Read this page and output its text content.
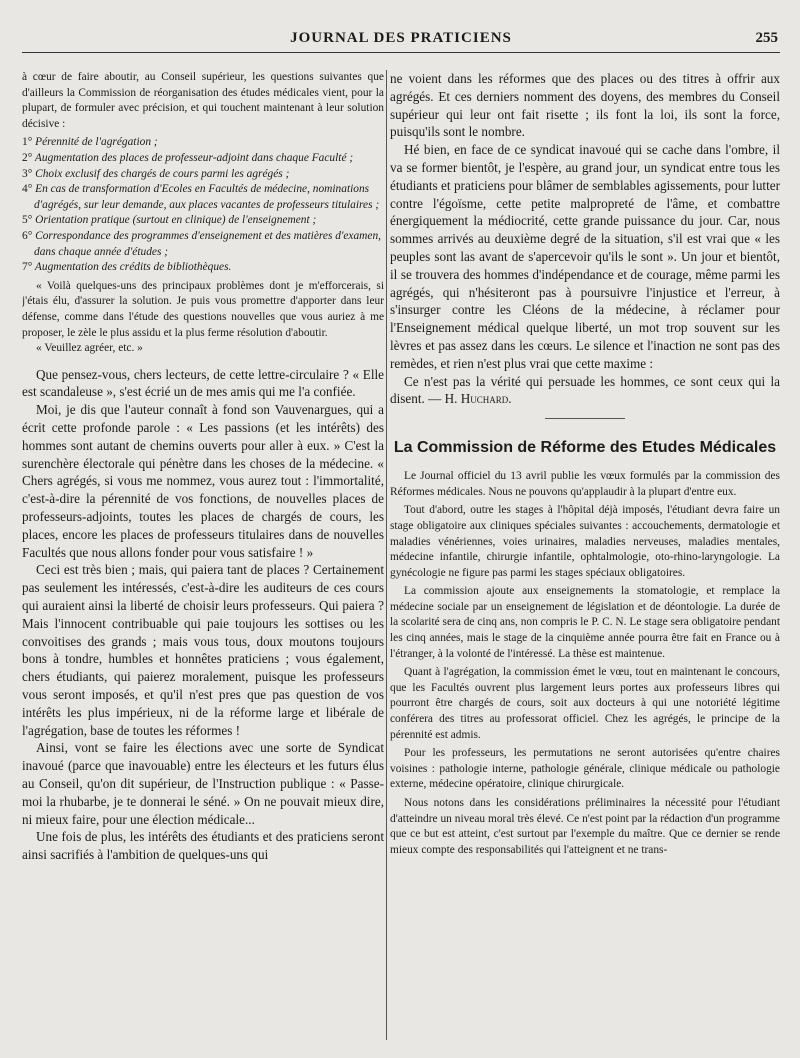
JOURNAL DES PRATICIENS	255

à cœur de faire aboutir, au Conseil supérieur, les questions suivantes que d'ailleurs la Commission de réorganisation des études médicales vient, pour la plupart, de formuler avec précision, et qui touchent maintenant à leur solution décisive :

1° Pérennité de l'agrégation ;
2° Augmentation des places de professeur-adjoint dans chaque Faculté ;
3° Choix exclusif des chargés de cours parmi les agrégés ;
4° En cas de transformation d'Ecoles en Facultés de médecine, nominations d'agrégés, sur leur demande, aux places vacantes de professeurs titulaires ;
5° Orientation pratique (surtout en clinique) de l'enseignement ;
6° Correspondance des programmes d'enseignement et des matières d'examen, dans chaque année d'études ;
7° Augmentation des crédits de bibliothèques.

« Voilà quelques-uns des principaux problèmes dont je m'efforcerais, si j'étais élu, d'assurer la solution. Je puis vous promettre d'apporter dans leur défense, comme dans l'étude des questions nouvelles que vous auriez à me proposer, le zèle le plus assidu et la plus ferme résolution d'aboutir.

« Veuillez agréer, etc. »

Que pensez-vous, chers lecteurs, de cette lettre-circulaire ? « Elle est scandaleuse », s'est écrié un de mes amis qui me l'a confiée.

Moi, je dis que l'auteur connaît à fond son Vauvenargues, qui a écrit cette profonde parole : « Les passions (et les intérêts) des hommes sont autant de chemins ouverts pour aller à eux. » C'est la surenchère électorale qui pénètre dans les choses de la médecine. « Chers agrégés, si vous me nommez, vous aurez tout : l'immortalité, c'est-à-dire la pérennité de vos fonctions, de nouvelles places de professeurs-adjoints, toutes les places de chargés de cours, les places, encore les places de professeurs titulaires dans de nouvelles Facultés que nous allons fonder pour vous satisfaire ! »

Ceci est très bien ; mais, qui paiera tant de places ? Certainement pas seulement les intéressés, c'est-à-dire les auditeurs de ces cours qui auraient ainsi la liberté de choisir leurs professeurs. Qui paiera ? Mais l'innocent contribuable qui paie toujours les sottises ou les convoitises des grands ; mais vous tous, doux moutons toujours bons à tondre, humbles et honnêtes praticiens ; vous également, chers étudiants, qui paierez moralement, puisque les professeurs vous seront imposés, et qu'il n'est pres que pas question de vos intérêts les plus impérieux, ni de la réforme large et libérale de l'agrégation, base de toutes les réformes !

Ainsi, vont se faire les élections avec une sorte de Syndicat inavoué (parce que inavouable) entre les électeurs et les futurs élus au Conseil, qu'on dit supérieur, de l'Instruction publique : « Passe-moi la rhubarbe, je te donnerai le séné. » On ne pouvait mieux dire, ni mieux faire, pour une élection médicale...

Une fois de plus, les intérêts des étudiants et des praticiens seront ainsi sacrifiés à l'ambition de quelques-uns qui

ne voient dans les réformes que des places ou des titres à offrir aux agrégés. Et ces derniers nomment des doyens, des membres du Conseil supérieur qui leur ont fait risette ; ils font la loi, ils sont la force, puisqu'ils sont le nombre.

Hé bien, en face de ce syndicat inavoué qui se cache dans l'ombre, il va se former bientôt, je l'espère, au grand jour, un syndicat entre tous les étudiants et praticiens pour blâmer de semblables agissements, pour lutter contre l'égoïsme, cette petite malpropreté de l'âme, et combattre énergiquement la médiocrité, cette grande puissance du jour. Car, nous sommes arrivés au deuxième degré de la situation, s'il est vrai que « les peuples sont las avant de s'apercevoir qu'ils le sont ». Un jour et bientôt, il se trouvera des hommes d'indépendance et de courage, même parmi les agrégés, qui n'hésiteront pas à poursuivre l'injustice et l'erreur, à s'insurger contre les Cléons de la médecine, à réclamer pour l'Enseignement médical quelque liberté, un mot trop souvent sur les lèvres et pas assez dans les cœurs. Le silence et l'inaction ne sont pas des remèdes, et rien n'est plus vrai que cette maxime :

Ce n'est pas la vérité qui persuade les hommes, ce sont ceux qui la disent. — H. Huchard.

La Commission de Réforme des Etudes Médicales

Le Journal officiel du 13 avril publie les vœux formulés par la commission des Réformes médicales. Nous ne pouvons qu'applaudir à la plupart d'entre eux.

Tout d'abord, outre les stages à l'hôpital déjà imposés, l'étudiant devra faire un stage obligatoire aux cliniques spéciales suivantes : accouchements, dermatologie et maladies vénériennes, voies urinaires, maladies nerveuses, maladies mentales, médecine infantile, chirurgie infantile, ophtalmologie, oto-rhino-laryngologie. La gynécologie ne figure pas parmi les stages spéciaux obligatoires.

La commission ajoute aux enseignements la stomatologie, et remplace la médecine sociale par un enseignement de législation et de déontologie. La durée de la scolarité sera de cinq ans, non compris le P. C. N. Le stage sera obligatoire pendant les cinq années, mais le stage de la cinquième année pourra être fait en France ou à l'étranger, à la volonté de l'intéressé. La thèse est maintenue.

Quant à l'agrégation, la commission émet le vœu, tout en maintenant le concours, que les Facultés ouvrent plus largement leurs portes aux professeurs libres qui pourront être chargés de cours, soit aux docteurs à qui une notoriété légitime conférera des titres au professorat officiel. Chez les agrégés, le principe de la pérennité est admis.

Pour les professeurs, les permutations ne seront autorisées qu'entre chaires voisines : pathologie interne, pathologie générale, clinique médicale ou pathologie externe, médecine opératoire, clinique chirurgicale.

Nous notons dans les considérations préliminaires la nécessité pour l'étudiant d'atteindre un niveau moral très élevé. Ce n'est point par la rédaction d'un programme que ce but est atteint, c'est surtout par l'exemple du maître. Que ce dernier se rende mieux compte des responsabilités qui l'atteignent et ne trans-
